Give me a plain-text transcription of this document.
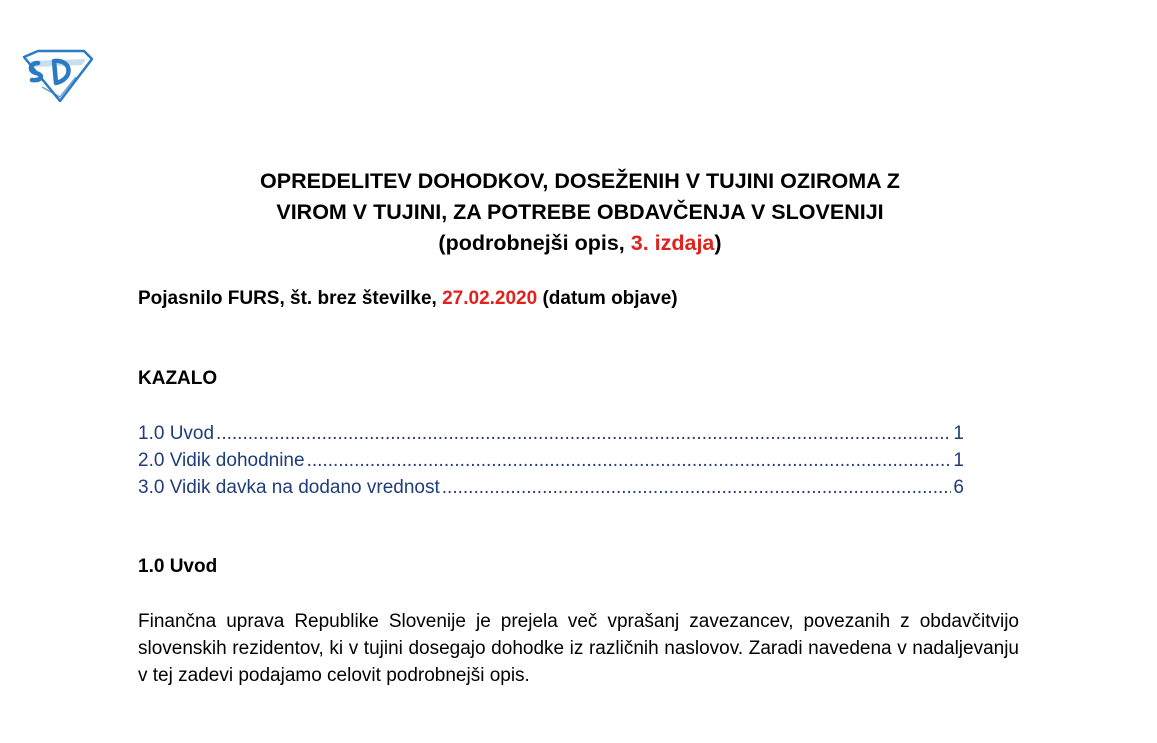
OPREDELITEV DOHODKOV, DOSEŽENIH V TUJINI OZIROMA Z
VIROM V TUJINI, ZA POTREBE OBDAVČENJA V SLOVENIJI
(podrobnejši opis, 3. izdaja)
Pojasnilo FURS, št. brez številke, 27.02.2020 (datum objave)
KAZALO
1.0 Uvod .....	1
2.0 Vidik dohodnine .....	1
3.0 Vidik davka na dodano vrednost .....	6
1.0 Uvod

Finančna uprava Republike Slovenije je prejela več vprašanj zavezancev, povezanih z obdavčitvijo slovenskih rezidentov, ki v tujini dosegajo dohodke iz različnih naslovov. Zaradi navedena v nadaljevanju v tej zadevi podajamo celovit podrobnejši opis.
